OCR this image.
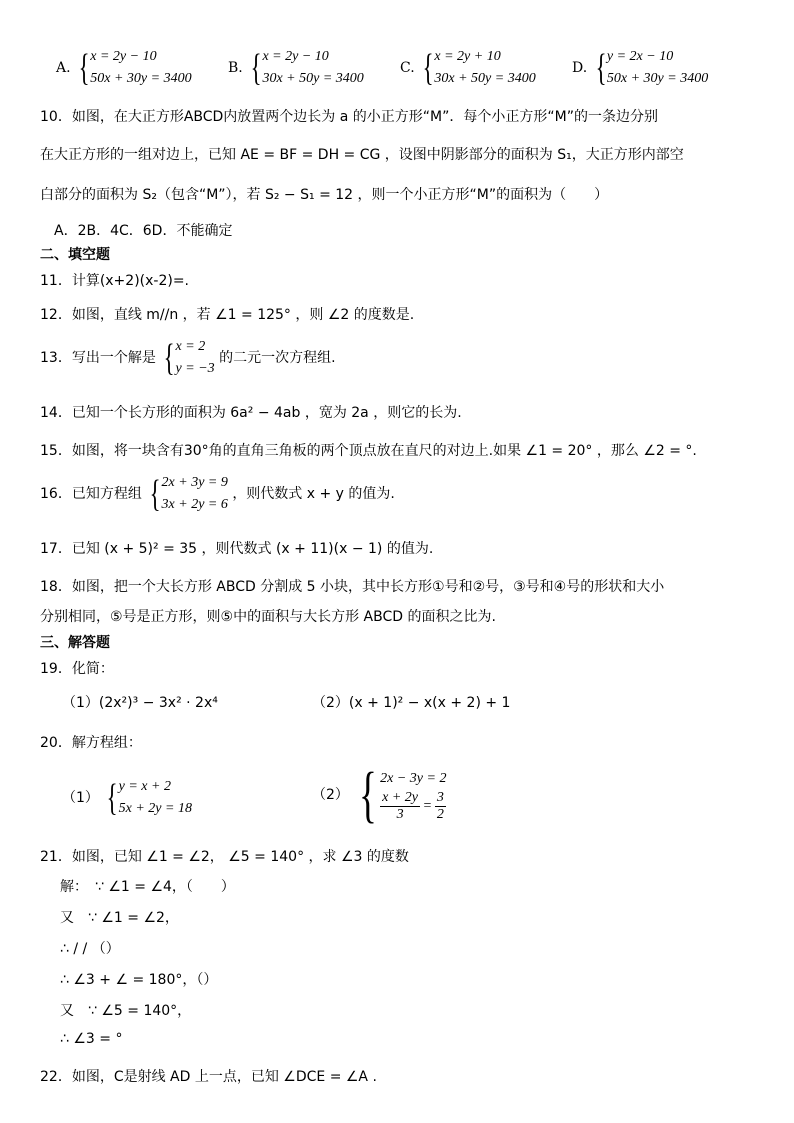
A. { x = 2y − 10
50x + 30y = 3400
B. { x = 2y − 10
30x + 50y = 3400
C. { x = 2y + 10
30x + 50y = 3400
D. { y = 2x − 10
50x + 30y = 3400
10．如图，在大正方形ABCD内放置两个边长为 a 的小正方形“M”．每个小正方形“M”的一条边分别
在大正方形的一组对边上，已知 AE = BF = DH = CG ，设图中阴影部分的面积为 S₁，大正方形内部空
白部分的面积为 S₂（包含“M”），若 S₂ − S₁ = 12 ，则一个小正方形“M”的面积为（　　）
A．2B．4C．6D．不能确定
二、填空题
11．计算(x+2)(x-2)=.
12．如图，直线 m//n ，若 ∠1 = 125° ，则 ∠2 的度数是.
13．写出一个解是 { x = 2
y = −3
的二元一次方程组.
14．已知一个长方形的面积为 6a² − 4ab ，宽为 2a ，则它的长为.
15．如图，将一块含有30°角的直角三角板的两个顶点放在直尺的对边上.如果 ∠1 = 20° ，那么 ∠2 = °.
16．已知方程组 { 2x + 3y = 9
3x + 2y = 6
，则代数式 x + y 的值为.
17．已知 (x + 5)² = 35 ，则代数式 (x + 11)(x − 1) 的值为.
18．如图，把一个大长方形 ABCD 分割成 5 小块，其中长方形①号和②号，③号和④号的形状和大小
分别相同，⑤号是正方形，则⑤中的面积与大长方形 ABCD 的面积之比为.
三、解答题
19．化简：
（1）(2x²)³ − 3x² · 2x⁴	（2）(x + 1)² − x(x + 2) + 1
20．解方程组：
（1） { y = x + 2
5x + 2y = 18
（2） { 2x − 3y = 2
$\frac{x + 2y}{3} = \frac{3}{2}$
21．如图，已知 ∠1 = ∠2， ∠5 = 140° ，求 ∠3 的度数
解：　∵ ∠1 = ∠4，（　　）
又　∵ ∠1 = ∠2，
∴ / / （）
∴ ∠3 + ∠ = 180°，（）
又　∵ ∠5 = 140°，
∴ ∠3 = °
22．如图，C是射线 AD 上一点，已知 ∠DCE = ∠A .
